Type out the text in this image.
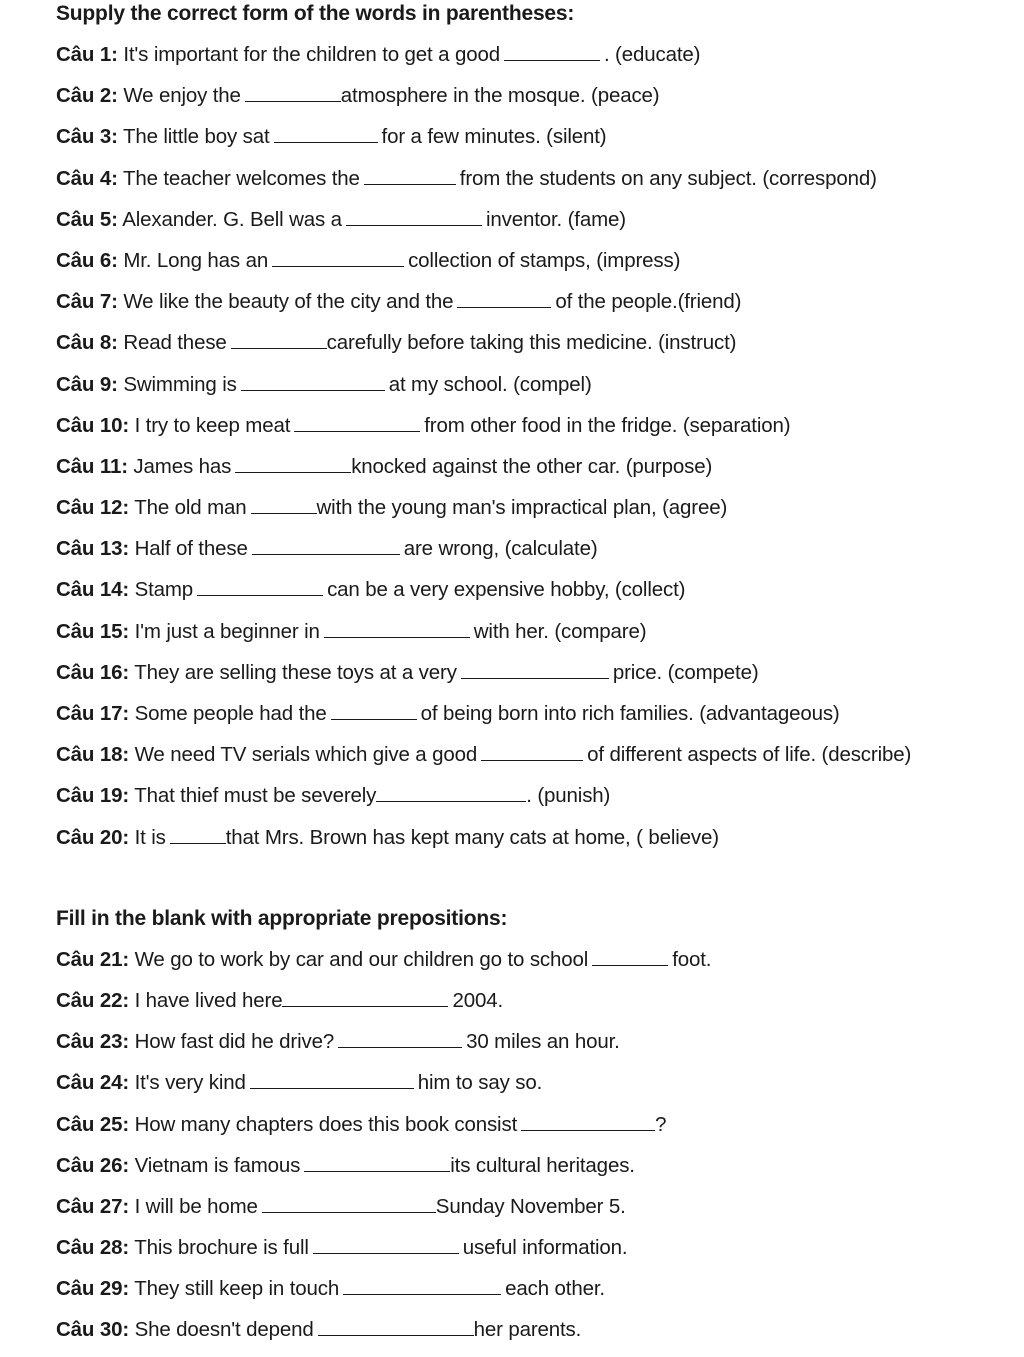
Supply the correct form of the words in parentheses:
Câu 1: It's important for the children to get a good	. (educate)
Câu 2: We enjoy the	atmosphere in the mosque. (peace)
Câu 3: The little boy sat	for a few minutes. (silent)
Câu 4: The teacher welcomes the	from the students on any subject. (correspond)
Câu 5: Alexander. G. Bell was a	inventor. (fame)
Câu 6: Mr. Long has an	collection of stamps, (impress)
Câu 7: We like the beauty of the city and the	of the people.(friend)
Câu 8: Read these	carefully before taking this medicine. (instruct)
Câu 9: Swimming is	at my school. (compel)
Câu 10: I try to keep meat	from other food in the fridge. (separation)
Câu 11: James has	knocked against the other car. (purpose)
Câu 12: The old man	with the young man's impractical plan, (agree)
Câu 13: Half of these	are wrong, (calculate)
Câu 14: Stamp	can be a very expensive hobby, (collect)
Câu 15: I'm just a beginner in	with her. (compare)
Câu 16: They are selling these toys at a very	price. (compete)
Câu 17: Some people had the	of being born into rich families. (advantageous)
Câu 18: We need TV serials which give a good	of different aspects of life. (describe)
Câu 19: That thief must be severely	. (punish)
Câu 20: It is	that Mrs. Brown has kept many cats at home, ( believe)
Fill in the blank with appropriate prepositions:
Câu 21: We go to work by car and our children go to school	foot.
Câu 22: I have lived here	2004.
Câu 23: How fast did he drive?	30 miles an hour.
Câu 24: It's very kind	him to say so.
Câu 25: How many chapters does this book consist	?
Câu 26: Vietnam is famous	its cultural heritages.
Câu 27: I will be home	Sunday November 5.
Câu 28: This brochure is full	useful information.
Câu 29: They still keep in touch	each other.
Câu 30: She doesn't depend	her parents.
